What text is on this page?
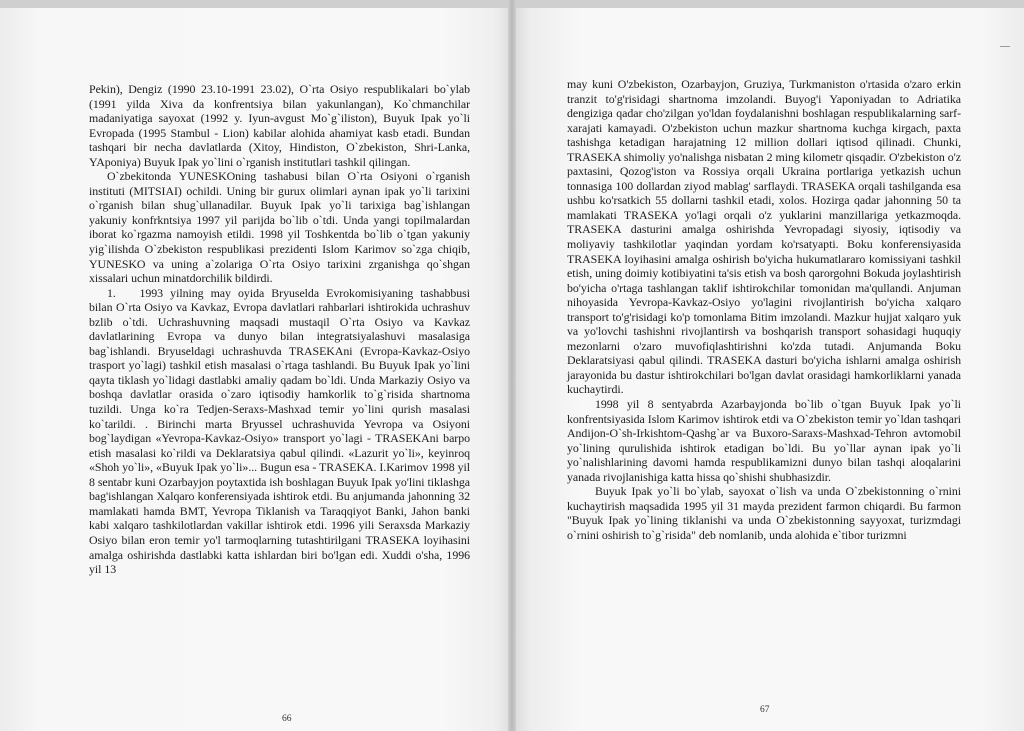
Pekin), Dengiz (1990 23.10-1991 23.02), O`rta Osiyo respublikalari bo`ylab (1991 yilda Xiva da konfrentsiya bilan yakunlangan), Ko`chmanchilar madaniyatiga sayoxat (1992 y. Iyun-avgust Mo`g`iliston), Buyuk Ipak yo`li Evropada (1995 Stambul - Lion) kabilar alohida ahamiyat kasb etadi. Bundan tashqari bir necha davlatlarda (Xitoy, Hindiston, O`zbekiston, Shri-Lanka, YAponiya) Buyuk Ipak yo`lini o`rganish institutlari tashkil qilingan.

O`zbekitonda YUNESKOning tashabusi bilan O`rta Osiyoni o`rganish instituti (MITSIAI) ochildi. Uning bir gurux olimlari aynan ipak yo`li tarixini o`rganish bilan shug`ullanadilar. Buyuk Ipak yo`li tarixiga bag`ishlangan yakuniy konfrkntsiya 1997 yil parijda bo`lib o`tdi. Unda yangi topilmalardan iborat ko`rgazma namoyish etildi. 1998 yil Toshkentda bo`lib o`tgan yakuniy yig`ilishda O`zbekiston respublikasi prezidenti Islom Karimov so`zga chiqib, YUNESKO va uning a`zolariga O`rta Osiyo tarixini zrganishga qo`shgan xissalari uchun minatdorchilik bildirdi.

1.  1993 yilning may oyida Bryuselda Evrokomisiyaning tashabbusi bilan O`rta Osiyo va Kavkaz, Evropa davlatlari rahbarlari ishtirokida uchrashuv bzlib o`tdi. Uchrashuvning maqsadi mustaqil O`rta Osiyo va Kavkaz davlatlarining Evropa va dunyo bilan integratsiyalashuvi masalasiga bag`ishlandi. Bryuseldagi uchrashuvda TRASEKAni (Evropa-Kavkaz-Osiyo trasport yo`lagi) tashkil etish masalasi o`rtaga tashlandi. Bu Buyuk Ipak yo`lini qayta tiklash yo`lidagi dastlabki amaliy qadam bo`ldi. Unda Markaziy Osiyo va boshqa davlatlar orasida o`zaro iqtisodiy hamkorlik to`g`risida shartnoma tuzildi. Unga ko`ra Tedjen-Seraxs-Mashxad temir yo`lini qurish masalasi ko`tarildi. . Birinchi marta Bryussel uchrashuvida Yevropa va Osiyoni bog`laydigan «Yevropa-Kavkaz-Osiyo» transport yo`lagi - TRASEKAni barpo etish masalasi ko`rildi va Deklaratsiya qabul qilindi. «Lazurit yo`li», keyinroq «Shoh yo`li», «Buyuk Ipak yo`li»... Bugun esa - TRASEKA. I.Karimov 1998 yil 8 sentabr kuni Ozarbayjon poytaxtida ish boshlagan Buyuk Ipak yo'lini tiklashga bag'ishlangan Xalqaro konferensiyada ishtirok etdi. Bu anjumanda jahonning 32 mamlakati hamda BMT, Yevropa Tiklanish va Taraqqiyot Banki, Jahon banki kabi xalqaro tashkilotlardan vakillar ishtirok etdi. 1996 yili Seraxsda Markaziy Osiyo bilan eron temir yo'l tarmoqlarning tutashtirilgani TRASEKA loyihasini amalga oshirishda dastlabki katta ishlardan biri bo'lgan edi. Xuddi o'sha, 1996 yil 13

66

may kuni O'zbekiston, Ozarbayjon, Gruziya, Turkmaniston o'rtasida o'zaro erkin tranzit to'g'risidagi shartnoma imzolandi. Buyog'i Yaponiyadan to Adriatika dengiziga qadar cho'zilgan yo'ldan foydalanishni boshlagan respublikalarning sarf-xarajati kamayadi. O'zbekiston uchun mazkur shartnoma kuchga kirgach, paxta tashishga ketadigan harajatning 12 million dollari iqtisod qilinadi. Chunki, TRASEKA shimoliy yo'nalishga nisbatan 2 ming kilometr qisqadir. O'zbekiston o'z paxtasini, Qozog'iston va Rossiya orqali Ukraina portlariga yetkazish uchun tonnasiga 100 dollardan ziyod mablag' sarflaydi. TRASEKA orqali tashilganda esa ushbu ko'rsatkich 55 dollarni tashkil etadi, xolos. Hozirga qadar jahonning 50 ta mamlakati TRASEKA yo'lagi orqali o'z yuklarini manzillariga yetkazmoqda. TRASEKA dasturini amalga oshirishda Yevropadagi siyosiy, iqtisodiy va moliyaviy tashkilotlar yaqindan yordam ko'rsatyapti. Boku konferensiyasida TRASEKA loyihasini amalga oshirish bo'yicha hukumatlararo komissiyani tashkil etish, uning doimiy kotibiyatini ta'sis etish va bosh qarorgohni Bokuda joylashtirish bo'yicha o'rtaga tashlangan taklif ishtirokchilar tomonidan ma'qullandi. Anjuman nihoyasida Yevropa-Kavkaz-Osiyo yo'lagini rivojlantirish bo'yicha xalqaro transport to'g'risidagi ko'p tomonlama Bitim imzolandi. Mazkur hujjat xalqaro yuk va yo'lovchi tashishni rivojlantirsh va boshqarish transport sohasidagi huquqiy mezonlarni o'zaro muvofiqlashtirishni ko'zda tutadi. Anjumanda Boku Deklaratsiyasi qabul qilindi. TRASEKA dasturi bo'yicha ishlarni amalga oshirish jarayonida bu dastur ishtirokchilari bo'lgan davlat orasidagi hamkorliklarni yanada kuchaytirdi.

1998 yil 8 sentyabrda Azarbayjonda bo`lib o`tgan Buyuk Ipak yo`li konfrentsiyasida Islom Karimov ishtirok etdi va O`zbekiston temir yo`ldan tashqari Andijon-O`sh-Irkishtom-Qashg`ar va Buxoro-Saraxs-Mashxad-Tehron avtomobil yo`lining qurulishida ishtirok etadigan bo`ldi. Bu yo`llar aynan ipak yo`li yo`nalishlarining davomi hamda respublikamizni dunyo bilan tashqi aloqalarini yanada rivojlanishiga katta hissa qo`shishi shubhasizdir.

Buyuk Ipak yo`li bo`ylab, sayoxat o`lish va unda O`zbekistonning o`rnini kuchaytirish maqsadida 1995 yil 31 mayda prezident farmon chiqardi. Bu farmon "Buyuk Ipak yo`lining tiklanishi va unda O`zbekistonning sayyoxat, turizmdagi o`rnini oshirish to`g`risida" deb nomlanib, unda alohida e`tibor turizmni

67
